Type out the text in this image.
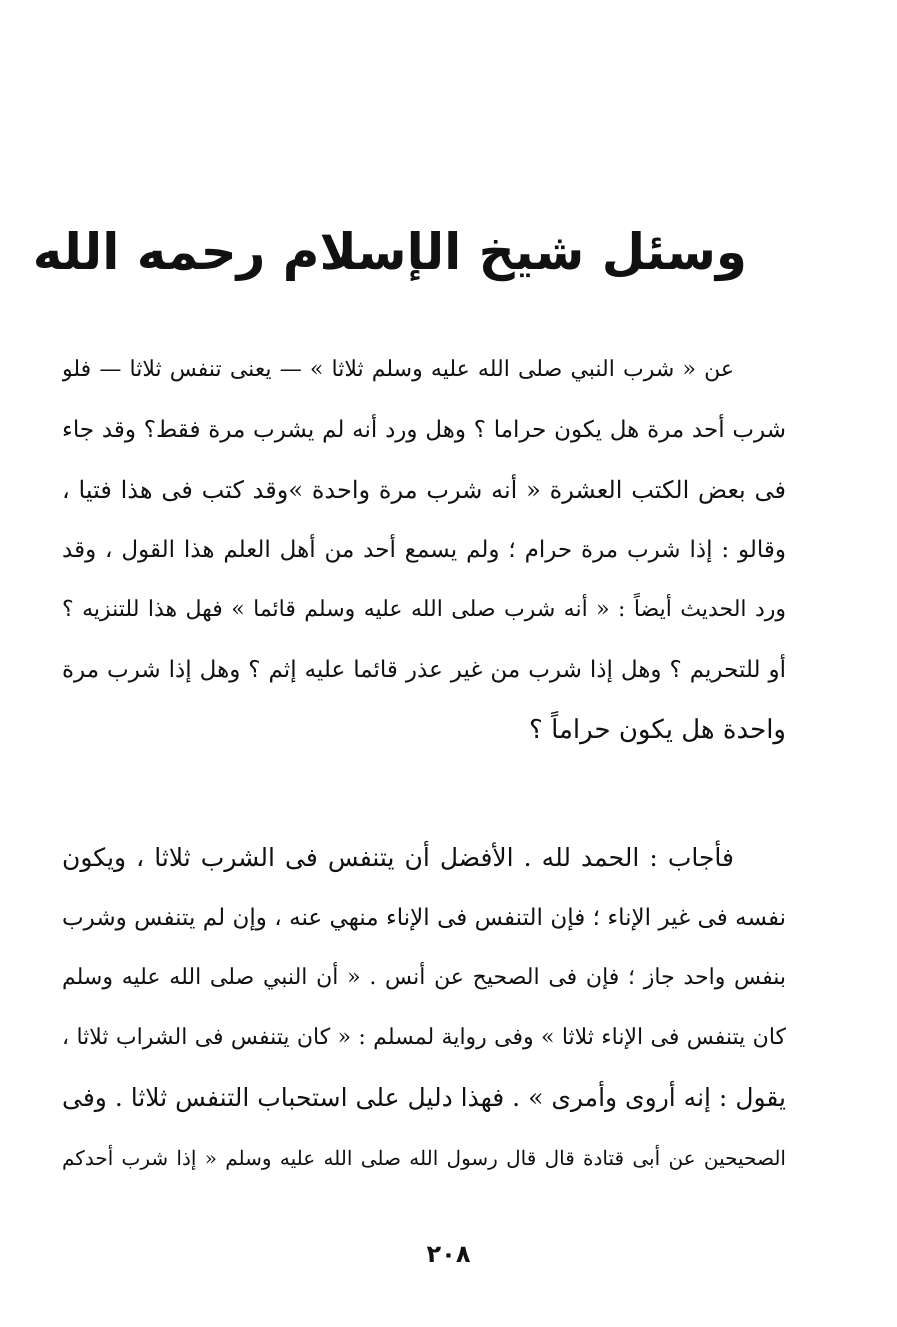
وسئل شيخ الإسلام رحمه الله
عن « شرب النبي صلى الله عليه وسلم ثلاثا » — يعنى تنفس ثلاثا — فلو
شرب أحد مرة هل يكون حراما ؟ وهل ورد أنه لم يشرب مرة فقط؟ وقد جاء
فى بعض الكتب العشرة « أنه شرب مرة واحدة »وقد كتب فى هذا فتيا ،
وقالو : إذا شرب مرة حرام ؛ ولم يسمع أحد من أهل العلم هذا القول ، وقد
ورد الحديث أيضاً : « أنه شرب صلى الله عليه وسلم قائما » فهل هذا للتنزيه ؟
أو للتحريم ؟ وهل إذا شرب من غير عذر قائما عليه إثم ؟ وهل إذا شرب مرة
واحدة هل يكون حراماً ؟
فأجاب : الحمد لله . الأفضل أن يتنفس فى الشرب ثلاثا ، ويكون
نفسه فى غير الإناء ؛ فإن التنفس فى الإناء منهي عنه ، وإن لم يتنفس وشرب
بنفس واحد جاز ؛ فإن فى الصحيح عن أنس . « أن النبي صلى الله عليه وسلم
كان يتنفس فى الإناء ثلاثا » وفى رواية لمسلم : « كان يتنفس فى الشراب ثلاثا ،
يقول : إنه أروى وأمرى » . فهذا دليل على استحباب التنفس ثلاثا . وفى
الصحيحين عن أبى قتادة قال قال رسول الله صلى الله عليه وسلم « إذا شرب أحدكم
٢٠٨
